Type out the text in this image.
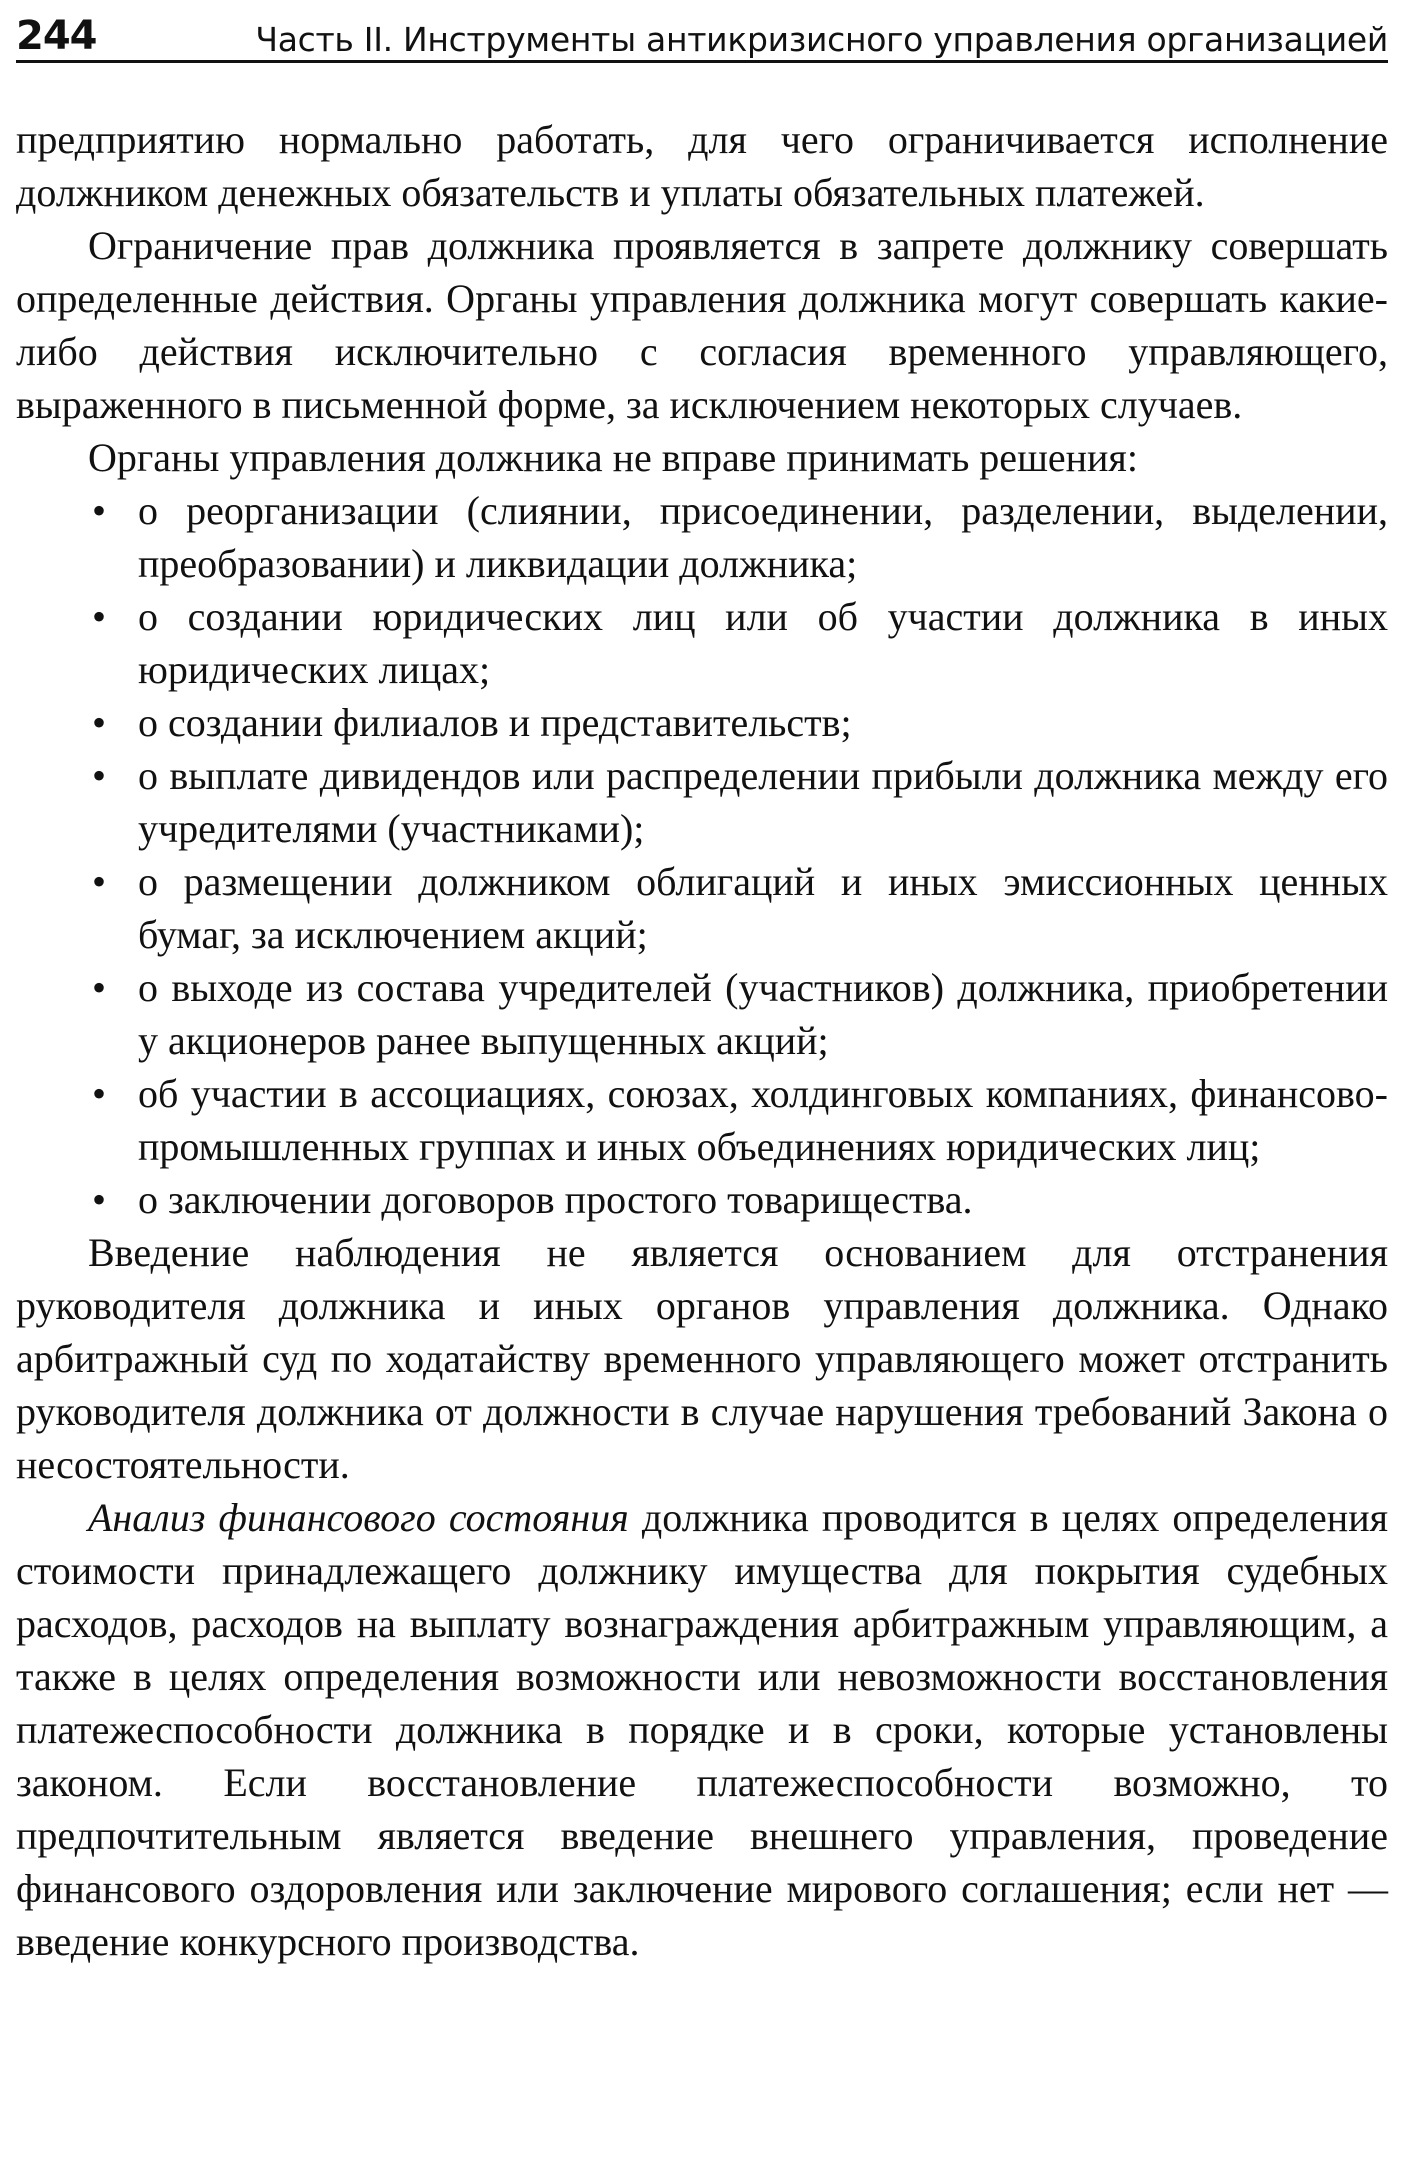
244	Часть II. Инструменты антикризисного управления организацией

предприятию нормально работать, для чего ограничивается исполнение должником денежных обязательств и уплаты обязательных платежей.

Ограничение прав должника проявляется в запрете должнику совершать определенные действия. Органы управления должника могут совершать какие-либо действия исключительно с согласия временного управляющего, выраженного в письменной форме, за исключением некоторых случаев.

Органы управления должника не вправе принимать решения:

• о реорганизации (слиянии, присоединении, разделении, выделении, преобразовании) и ликвидации должника;
• о создании юридических лиц или об участии должника в иных юридических лицах;
• о создании филиалов и представительств;
• о выплате дивидендов или распределении прибыли должника между его учредителями (участниками);
• о размещении должником облигаций и иных эмиссионных ценных бумаг, за исключением акций;
• о выходе из состава учредителей (участников) должника, приобретении у акционеров ранее выпущенных акций;
• об участии в ассоциациях, союзах, холдинговых компаниях, финансово-промышленных группах и иных объединениях юридических лиц;
• о заключении договоров простого товарищества.

Введение наблюдения не является основанием для отстранения руководителя должника и иных органов управления должника. Однако арбитражный суд по ходатайству временного управляющего может отстранить руководителя должника от должности в случае нарушения требований Закона о несостоятельности.

Анализ финансового состояния должника проводится в целях определения стоимости принадлежащего должнику имущества для покрытия судебных расходов, расходов на выплату вознаграждения арбитражным управляющим, а также в целях определения возможности или невозможности восстановления платежеспособности должника в порядке и в сроки, которые установлены законом. Если восстановление платежеспособности возможно, то предпочтительным является введение внешнего управления, проведение финансового оздоровления или заключение мирового соглашения; если нет — введение конкурсного производства.
